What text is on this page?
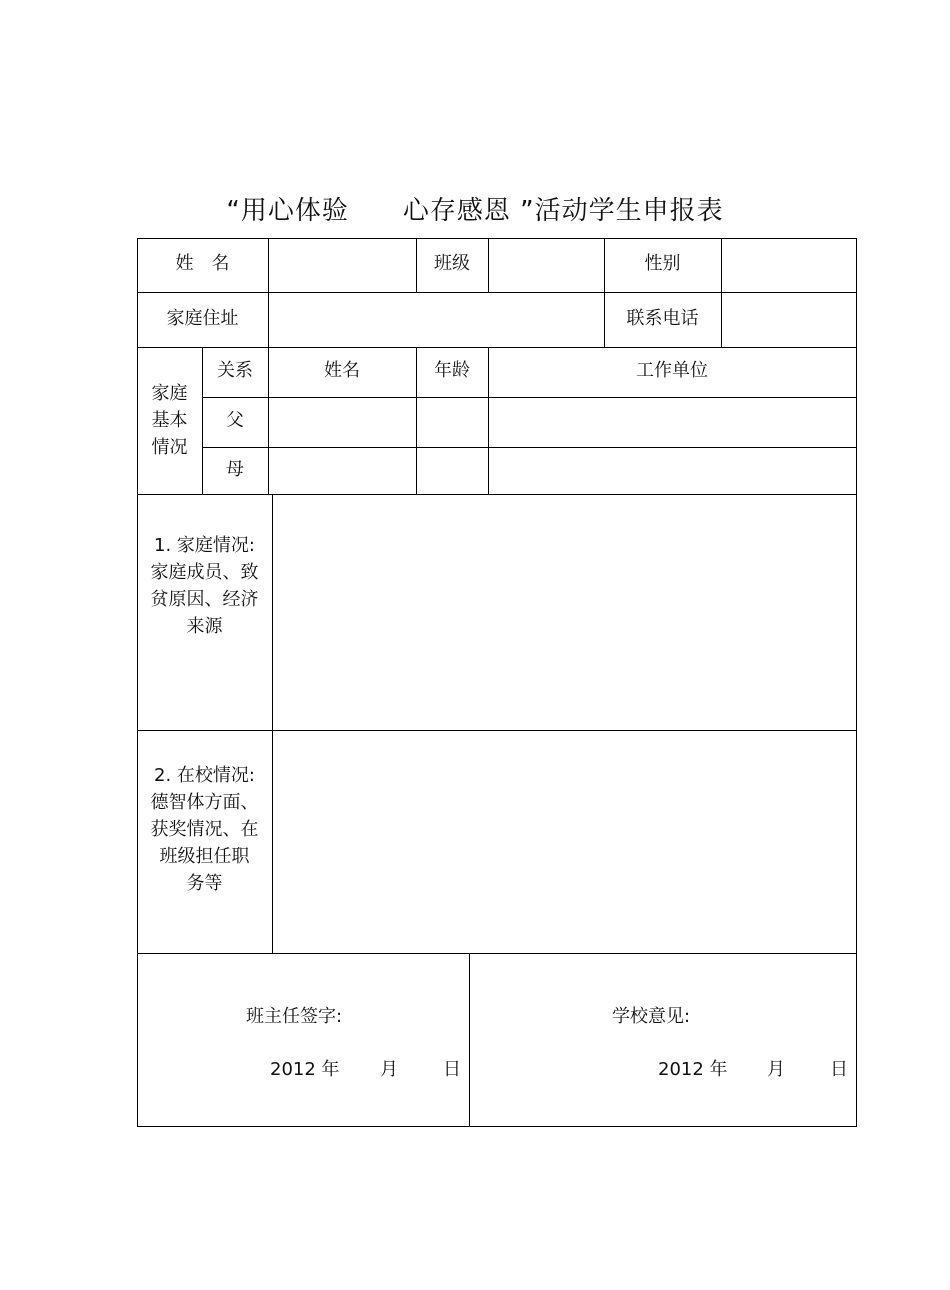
“用心体验 心存感恩 ”活动学生申报表
姓　名	班级	性别
家庭住址	联系电话
家庭
基本
情况
关系	姓名	年龄	工作单位
父
母
1. 家庭情况:
家庭成员、致
贫原因、经济
来源
2. 在校情况:
德智体方面、
获奖情况、在
班级担任职
务等
班主任签字:
2012 年 月	日
学校意见:
2012 年 月	日
